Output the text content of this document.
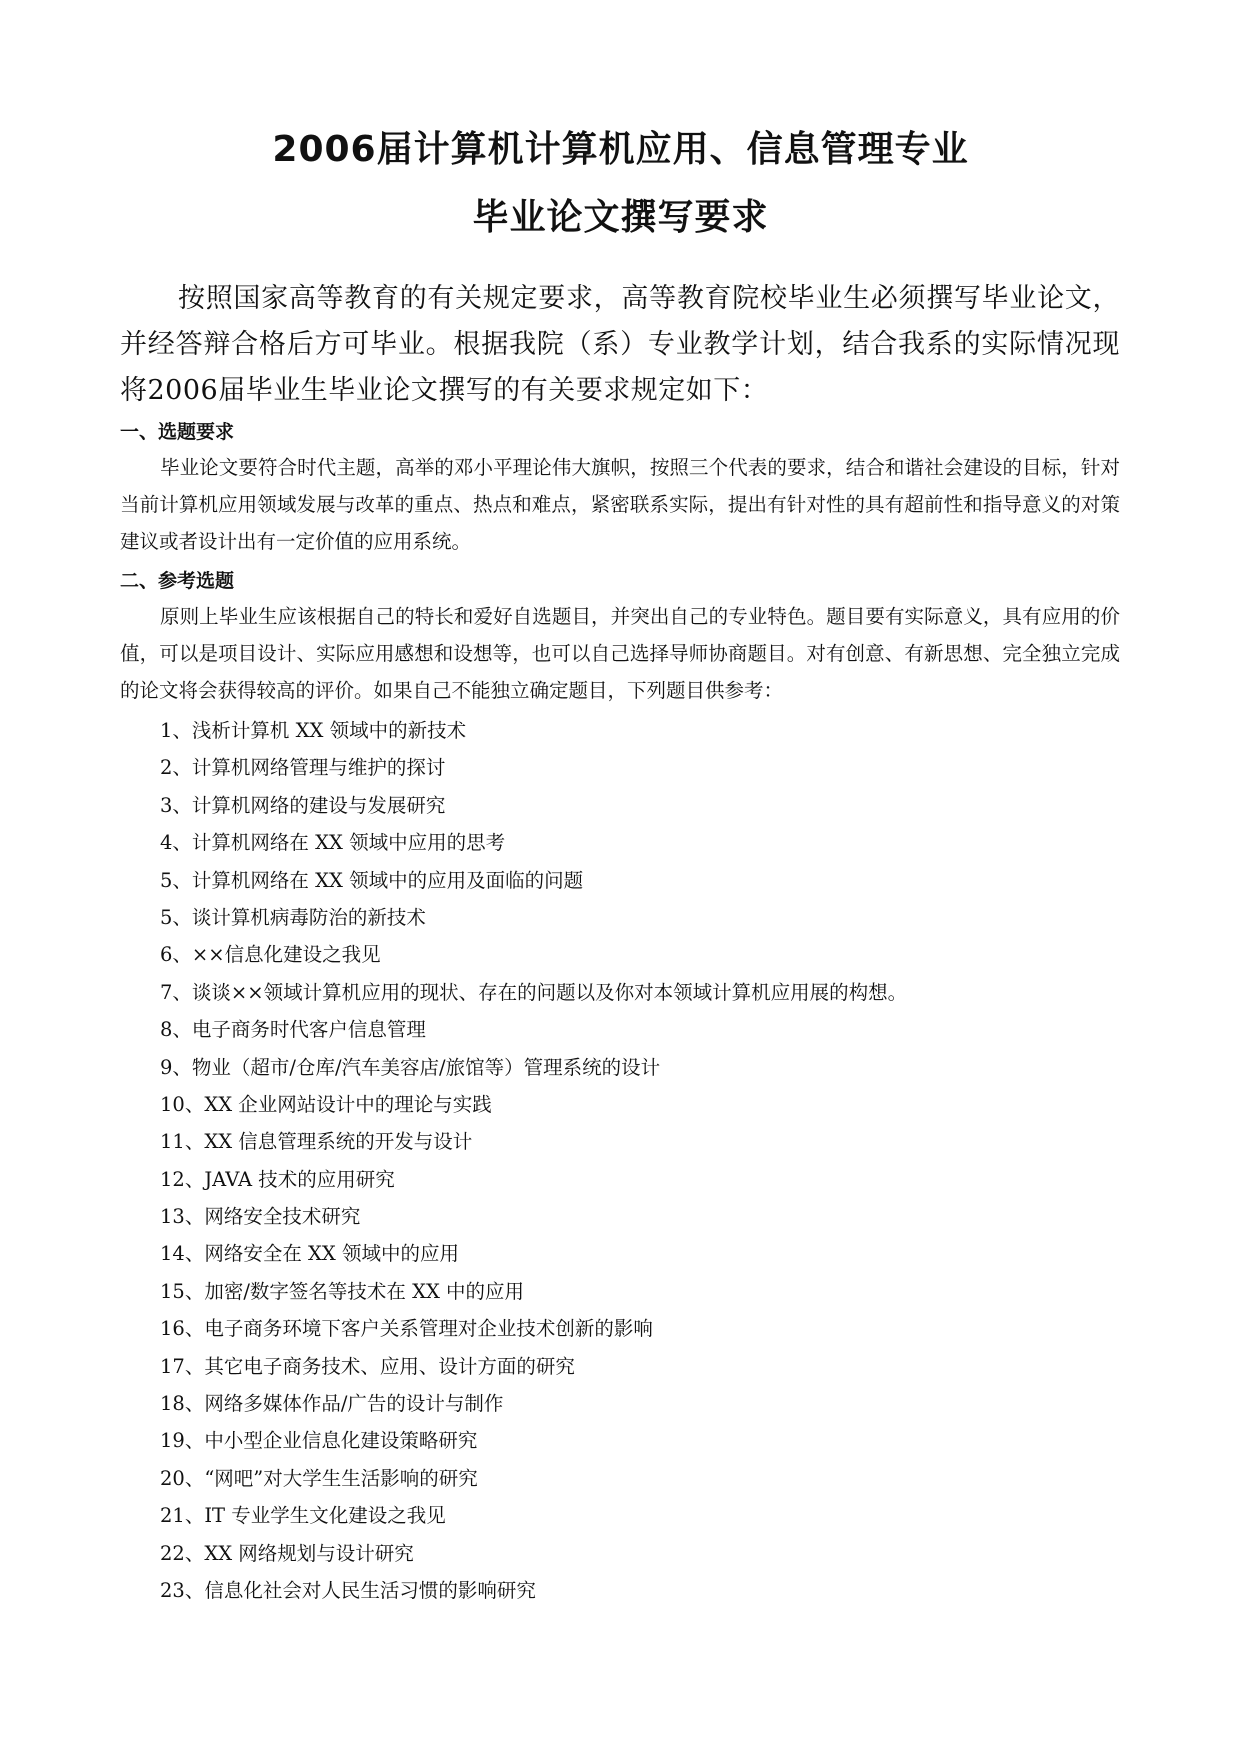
2006届计算机计算机应用、信息管理专业
毕业论文撰写要求

按照国家高等教育的有关规定要求，高等教育院校毕业生必须撰写毕业论文，并经答辩合格后方可毕业。根据我院（系）专业教学计划，结合我系的实际情况现将2006届毕业生毕业论文撰写的有关要求规定如下：

一、选题要求

毕业论文要符合时代主题，高举的邓小平理论伟大旗帜，按照三个代表的要求，结合和谐社会建设的目标，针对当前计算机应用领域发展与改革的重点、热点和难点，紧密联系实际，提出有针对性的具有超前性和指导意义的对策建议或者设计出有一定价值的应用系统。

二、参考选题

原则上毕业生应该根据自己的特长和爱好自选题目，并突出自己的专业特色。题目要有实际意义，具有应用的价值，可以是项目设计、实际应用感想和设想等，也可以自己选择导师协商题目。对有创意、有新思想、完全独立完成的论文将会获得较高的评价。如果自己不能独立确定题目，下列题目供参考：

1、浅析计算机 XX 领域中的新技术
2、计算机网络管理与维护的探讨
3、计算机网络的建设与发展研究
4、计算机网络在 XX 领域中应用的思考
5、计算机网络在 XX 领域中的应用及面临的问题
5、谈计算机病毒防治的新技术
6、××信息化建设之我见
7、谈谈××领域计算机应用的现状、存在的问题以及你对本领域计算机应用展的构想。
8、电子商务时代客户信息管理
9、物业（超市/仓库/汽车美容店/旅馆等）管理系统的设计
10、XX 企业网站设计中的理论与实践
11、XX 信息管理系统的开发与设计
12、JAVA 技术的应用研究
13、网络安全技术研究
14、网络安全在 XX 领域中的应用
15、加密/数字签名等技术在 XX 中的应用
16、电子商务环境下客户关系管理对企业技术创新的影响
17、其它电子商务技术、应用、设计方面的研究
18、网络多媒体作品/广告的设计与制作
19、中小型企业信息化建设策略研究
20、“网吧”对大学生生活影响的研究
21、IT 专业学生文化建设之我见
22、XX 网络规划与设计研究
23、信息化社会对人民生活习惯的影响研究
